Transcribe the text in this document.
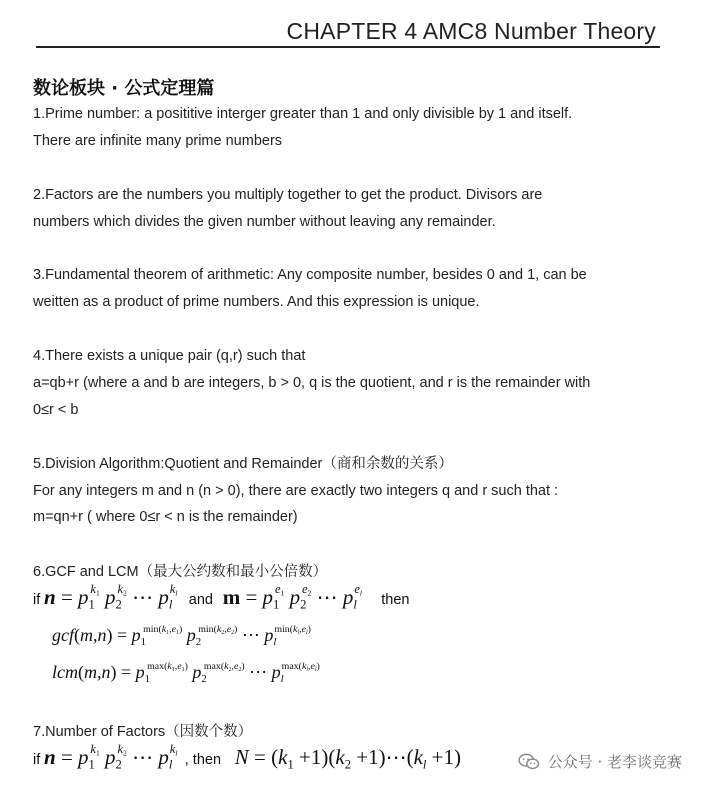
CHAPTER 4 AMC8 Number Theory
数论板块 · 公式定理篇
1.Prime number: a posititive interger greater than 1 and only divisible by 1 and itself.
There are infinite many prime numbers
2.Factors are the numbers you multiply together to get the product. Divisors are
numbers which divides the given number without leaving any remainder.
3.Fundamental theorem of arithmetic: Any composite number, besides 0 and 1, can be
weitten as a product of prime numbers. And this expression is unique.
4.There exists a unique pair (q,r) such that
a=qb+r (where a and b are integers, b > 0, q is the quotient, and r is the remainder with
0≤r < b
5.Division Algorithm:Quotient and Remainder（商和余数的关系）
For any integers m and n (n > 0), there are exactly two integers q and r such that :
m=qn+r ( where 0≤r < n is the remainder)
6.GCF and LCM（最大公约数和最小公倍数）
if $n = p_1^{k_1}$ $p_2^{k_2}$ ⋯ $p_l^{k_l}$ and $m = p_1^{e_1}$ $p_2^{e_2}$ ⋯ $p_l^{e_l}$ then
$gcf(m,n) = p_1^{min(k_1,e_1)}$ $p_2^{min(k_2,e_2)}$ ⋯ $p_l^{min(k_l,e_l)}$
$lcm(m,n) = p_1^{max(k_1,e_1)}$ $p_2^{max(k_2,e_2)}$ ⋯ $p_l^{max(k_l,e_l)}$
7.Number of Factors（因数个数）
if $n = p_1^{k_1}$ $p_2^{k_2}$ ⋯ $p_l^{k_l}$ , then $N = (k_1 +1)(k_2$ $+1)\cdots(k_l +1)$	公众号 · 老李谈竞赛
